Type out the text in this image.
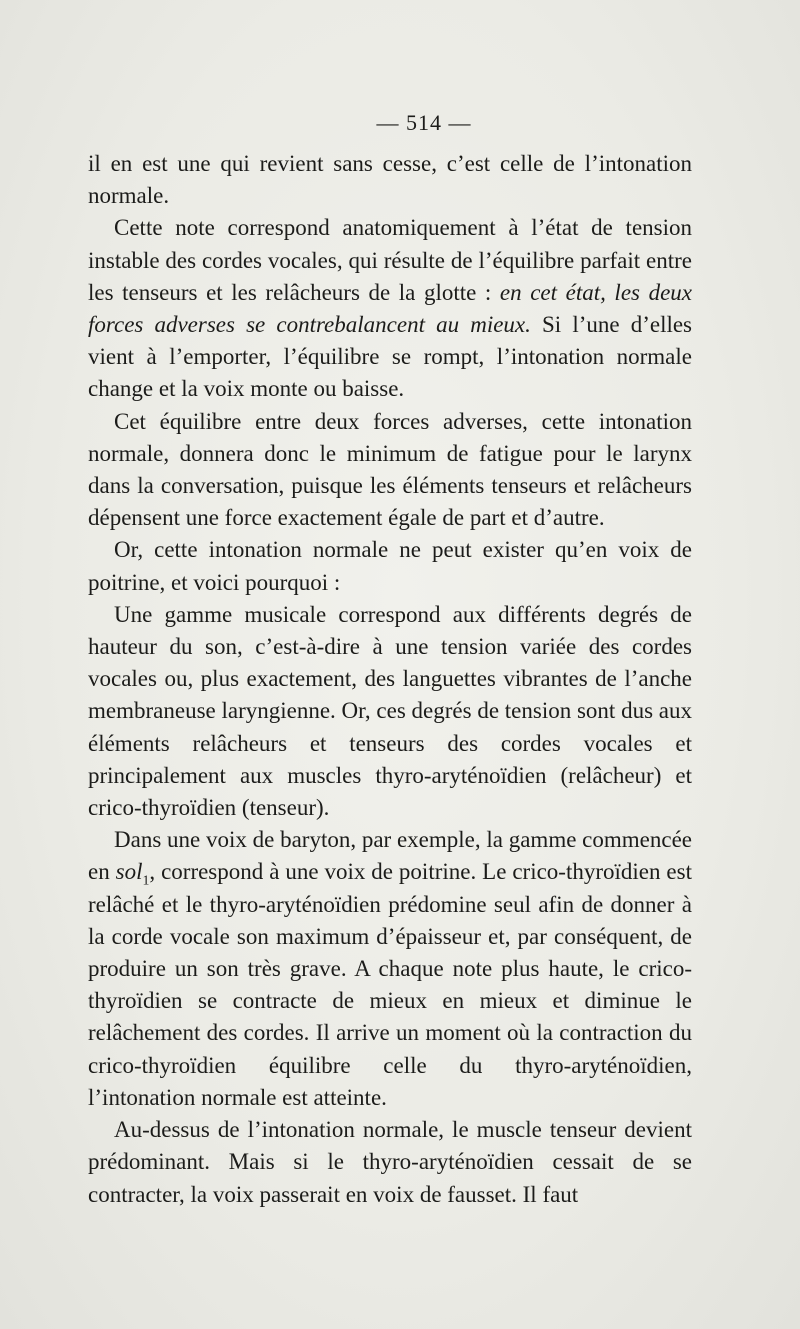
— 514 —

il en est une qui revient sans cesse, c’est celle de l’intonation normale.

Cette note correspond anatomiquement à l’état de tension instable des cordes vocales, qui résulte de l’équilibre parfait entre les tenseurs et les relâcheurs de la glotte : en cet état, les deux forces adverses se contrebalancent au mieux. Si l’une d’elles vient à l’emporter, l’équilibre se rompt, l’intonation normale change et la voix monte ou baisse.

Cet équilibre entre deux forces adverses, cette intonation normale, donnera donc le minimum de fatigue pour le larynx dans la conversation, puisque les éléments tenseurs et relâcheurs dépensent une force exactement égale de part et d’autre.

Or, cette intonation normale ne peut exister qu’en voix de poitrine, et voici pourquoi :

Une gamme musicale correspond aux différents degrés de hauteur du son, c’est-à-dire à une tension variée des cordes vocales ou, plus exactement, des languettes vibrantes de l’anche membraneuse laryngienne. Or, ces degrés de tension sont dus aux éléments relâcheurs et tenseurs des cordes vocales et principalement aux muscles thyro-aryténoïdien (relâcheur) et crico-thyroïdien (tenseur).

Dans une voix de baryton, par exemple, la gamme commencée en sol$_1$, correspond à une voix de poitrine. Le crico-thyroïdien est relâché et le thyro-aryténoïdien prédomine seul afin de donner à la corde vocale son maximum d’épaisseur et, par conséquent, de produire un son très grave. A chaque note plus haute, le crico-thyroïdien se contracte de mieux en mieux et diminue le relâchement des cordes. Il arrive un moment où la contraction du crico-thyroïdien équilibre celle du thyro-aryténoïdien, l’intonation normale est atteinte.

Au-dessus de l’intonation normale, le muscle tenseur devient prédominant. Mais si le thyro-aryténoïdien cessait de se contracter, la voix passerait en voix de fausset. Il faut
